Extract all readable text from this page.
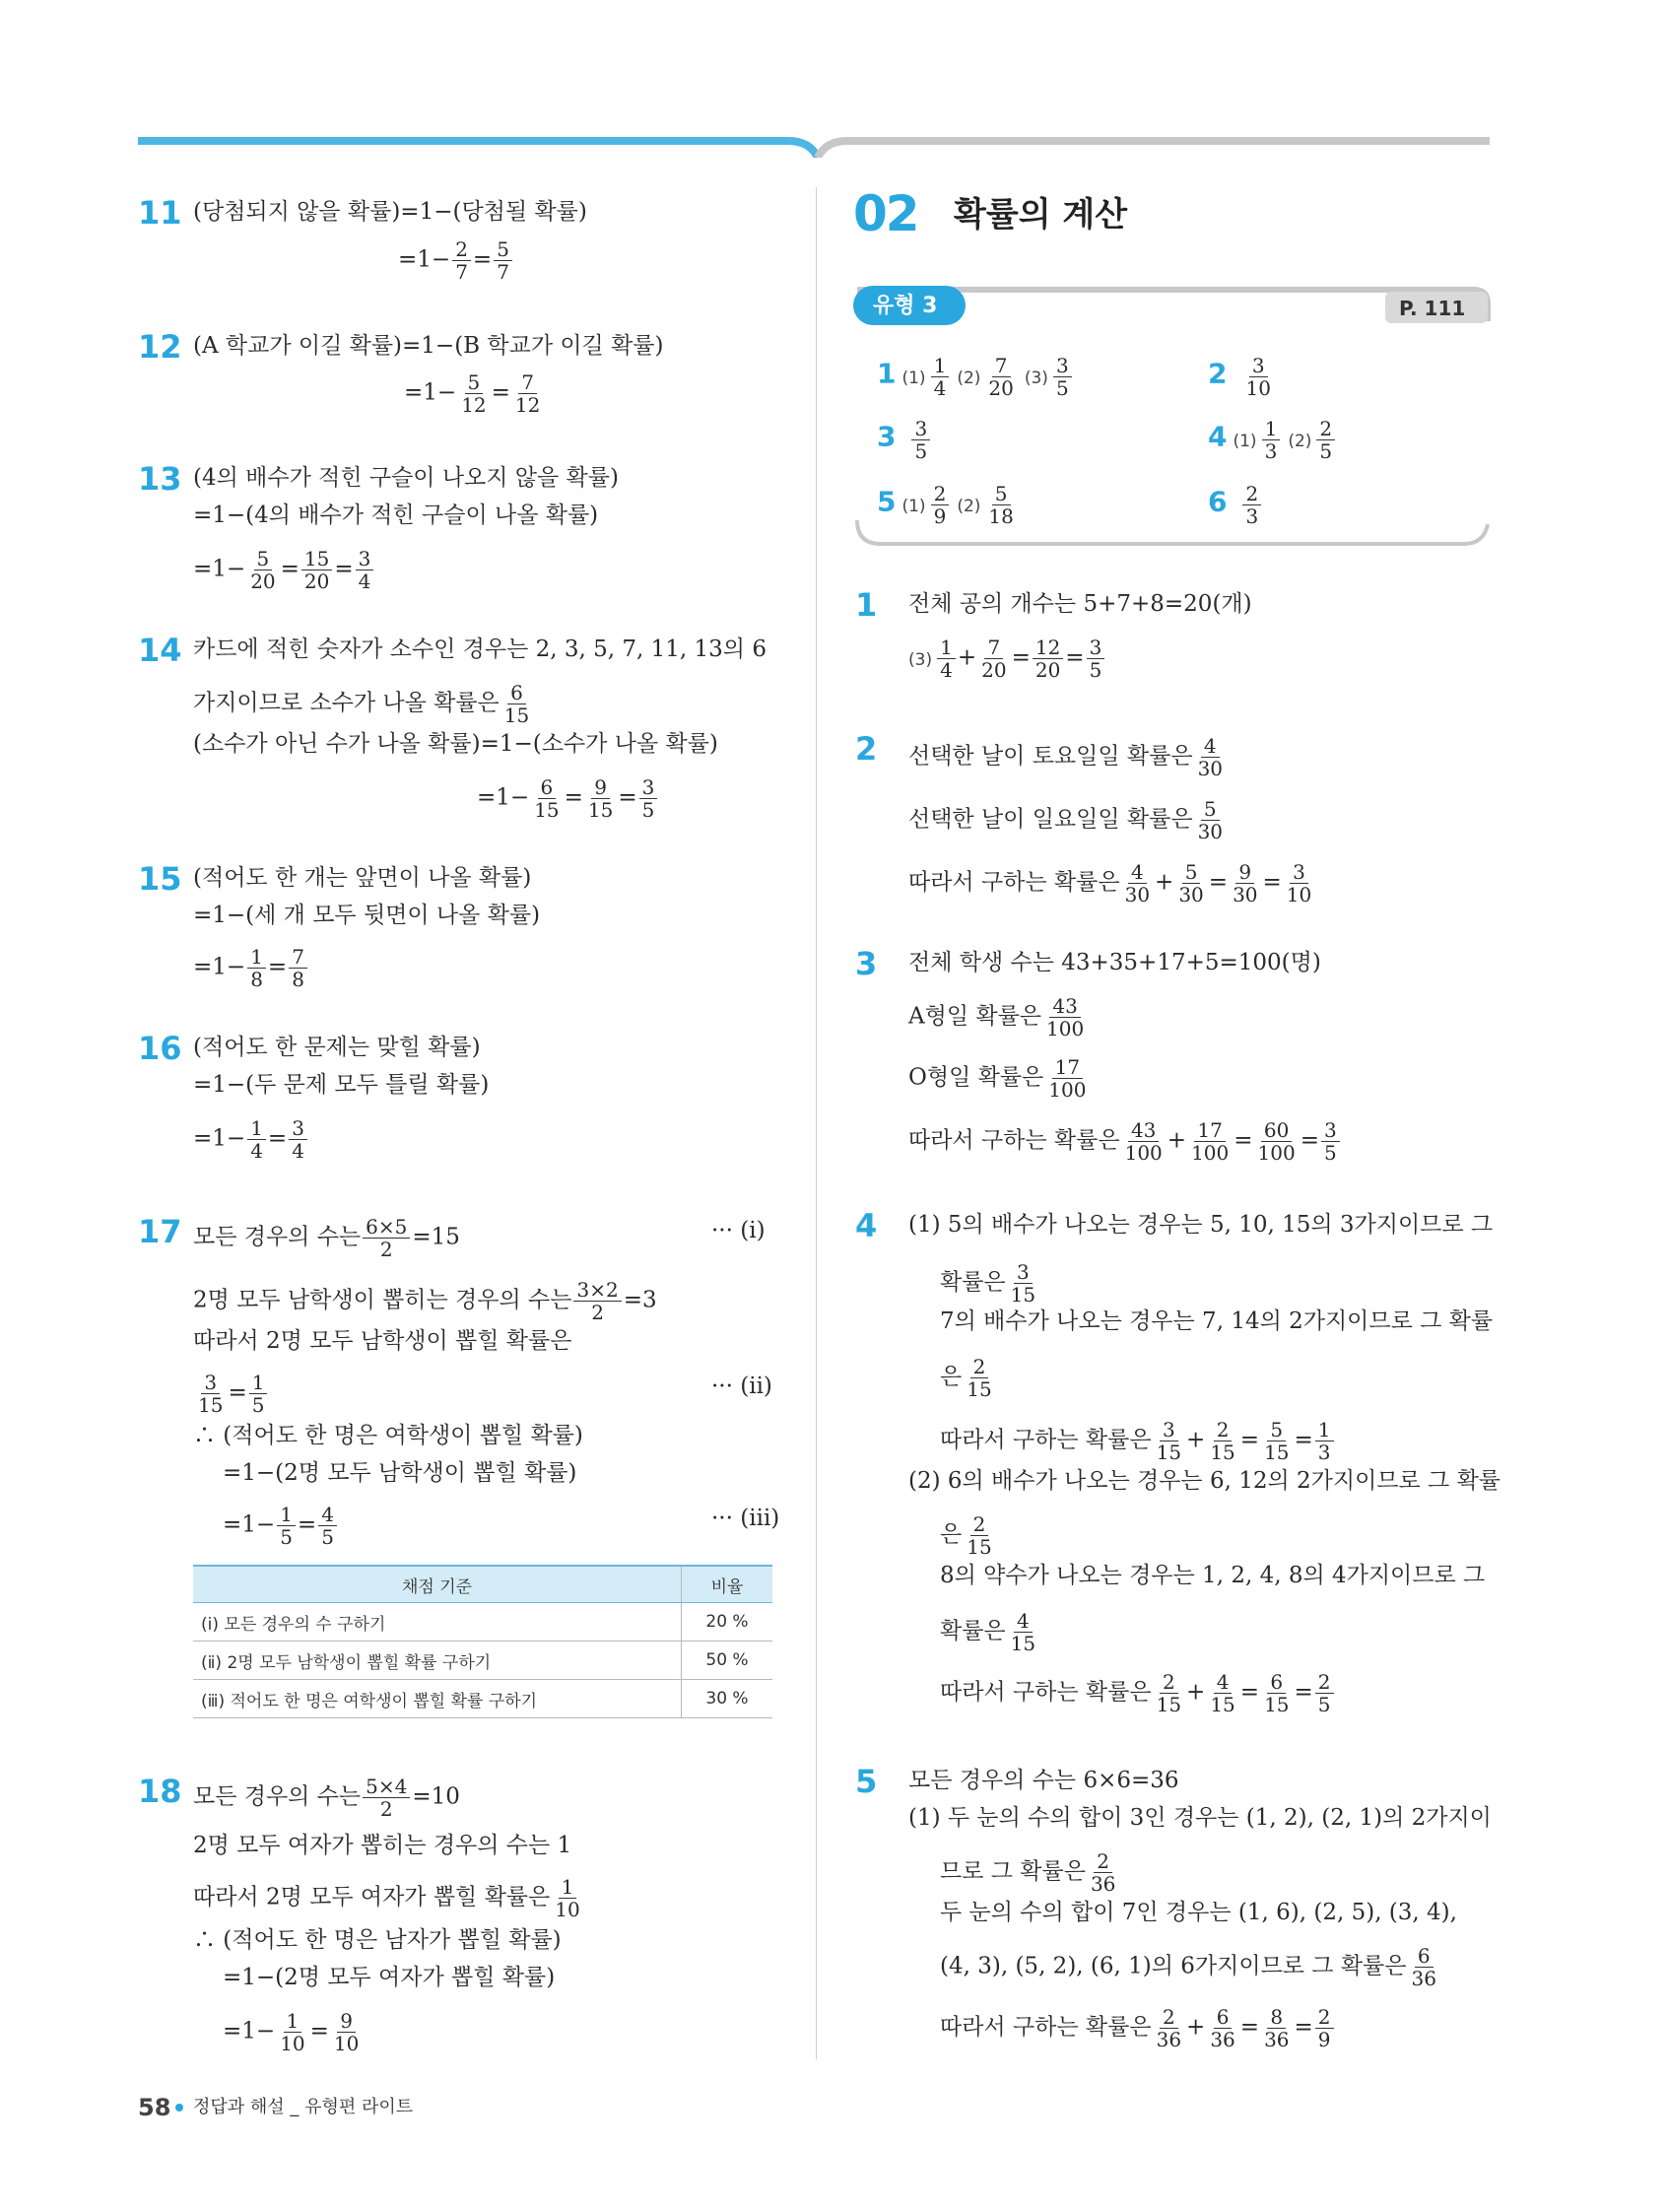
11 (당첨되지 않을 확률)=1−(당첨될 확률)
$=1- \frac{2}{7} = \frac{5}{7}$
12 (A 학교가 이길 확률)=1−(B 학교가 이길 확률)
$=1- \frac{5}{12} = \frac{7}{12}$
13 (4의 배수가 적힌 구슬이 나오지 않을 확률)
=1−(4의 배수가 적힌 구슬이 나올 확률)
$=1- \frac{5}{20} = \frac{15}{20} = \frac{3}{4}$
14 카드에 적힌 숫자가 소수인 경우는 2, 3, 5, 7, 11, 13의 6
가지이므로 소수가 나올 확률은 $\frac{6}{15}$
(소수가 아닌 수가 나올 확률)=1−(소수가 나올 확률)
$=1- \frac{6}{15} = \frac{9}{15} = \frac{3}{5}$
15 (적어도 한 개는 앞면이 나올 확률)
=1−(세 개 모두 뒷면이 나올 확률)
$=1- \frac{1}{8} = \frac{7}{8}$
16 (적어도 한 문제는 맞힐 확률)
=1−(두 문제 모두 틀릴 확률)
$=1- \frac{1}{4} = \frac{3}{4}$
17 모든 경우의 수는 $\frac{6\times 5}{2} =15$	··· (ⅰ)
2명 모두 남학생이 뽑히는 경우의 수는 $\frac{3\times 2}{2} =3$
따라서 2명 모두 남학생이 뽑힐 확률은
$\frac{3}{15} = \frac{1}{5}$	··· (ⅱ)
∴ (적어도 한 명은 여학생이 뽑힐 확률)
=1−(2명 모두 남학생이 뽑힐 확률)
$=1- \frac{1}{5} = \frac{4}{5}$	··· (ⅲ)
채점 기준	비율
(ⅰ) 모든 경우의 수 구하기	20 %
(ⅱ) 2명 모두 남학생이 뽑힐 확률 구하기	50 %
(ⅲ) 적어도 한 명은 여학생이 뽑힐 확률 구하기	30 %
18 모든 경우의 수는 $\frac{5\times 4}{2} =10$
2명 모두 여자가 뽑히는 경우의 수는 1
따라서 2명 모두 여자가 뽑힐 확률은 $\frac{1}{10}$
∴ (적어도 한 명은 남자가 뽑힐 확률)
=1−(2명 모두 여자가 뽑힐 확률)
$=1- \frac{1}{10} = \frac{9}{10}$
02 확률의 계산
유형 3	P. 111
1 $(1) \frac{1}{4} (2) \frac{7}{20} (3) \frac{3}{5}$	$2 \frac{3}{10}$
$3 \frac{3}{5}$	4 $(1) \frac{1}{3} (2) \frac{2}{5}$
5 $(1) \frac{2}{9} (2) \frac{5}{18}$	$6 \frac{2}{3}$
1 전체 공의 개수는 5+7+8=20(개)
$(3) \frac{1}{4} + \frac{7}{20} = \frac{12}{20} = \frac{3}{5}$
2 선택한 날이 토요일일 확률은 $\frac{4}{30}$
선택한 날이 일요일일 확률은 $\frac{5}{30}$
따라서 구하는 확률은 $\frac{4}{30} + \frac{5}{30} = \frac{9}{30} = \frac{3}{10}$
3 전체 학생 수는 43+35+17+5=100(명)
A형일 확률은 $\frac{43}{100}$
O형일 확률은 $\frac{17}{100}$
따라서 구하는 확률은 $\frac{43}{100} + \frac{17}{100} = \frac{60}{100} = \frac{3}{5}$
4 (1) 5의 배수가 나오는 경우는 5, 10, 15의 3가지이므로 그
확률은 $\frac{3}{15}$
7의 배수가 나오는 경우는 7, 14의 2가지이므로 그 확률
은 $\frac{2}{15}$
따라서 구하는 확률은 $\frac{3}{15} + \frac{2}{15} = \frac{5}{15} = \frac{1}{3}$
(2) 6의 배수가 나오는 경우는 6, 12의 2가지이므로 그 확률
은 $\frac{2}{15}$
8의 약수가 나오는 경우는 1, 2, 4, 8의 4가지이므로 그
확률은 $\frac{4}{15}$
따라서 구하는 확률은 $\frac{2}{15} + \frac{4}{15} = \frac{6}{15} = \frac{2}{5}$
5 모든 경우의 수는 6×6=36
(1) 두 눈의 수의 합이 3인 경우는 (1, 2), (2, 1)의 2가지이
므로 그 확률은 $\frac{2}{36}$
두 눈의 수의 합이 7인 경우는 (1, 6), (2, 5), (3, 4),
(4, 3), (5, 2), (6, 1)의 6가지이므로 그 확률은 $\frac{6}{36}$
따라서 구하는 확률은 $\frac{2}{36} + \frac{6}{36} = \frac{8}{36} = \frac{2}{9}$
58 정답과 해설 _ 유형편 라이트
